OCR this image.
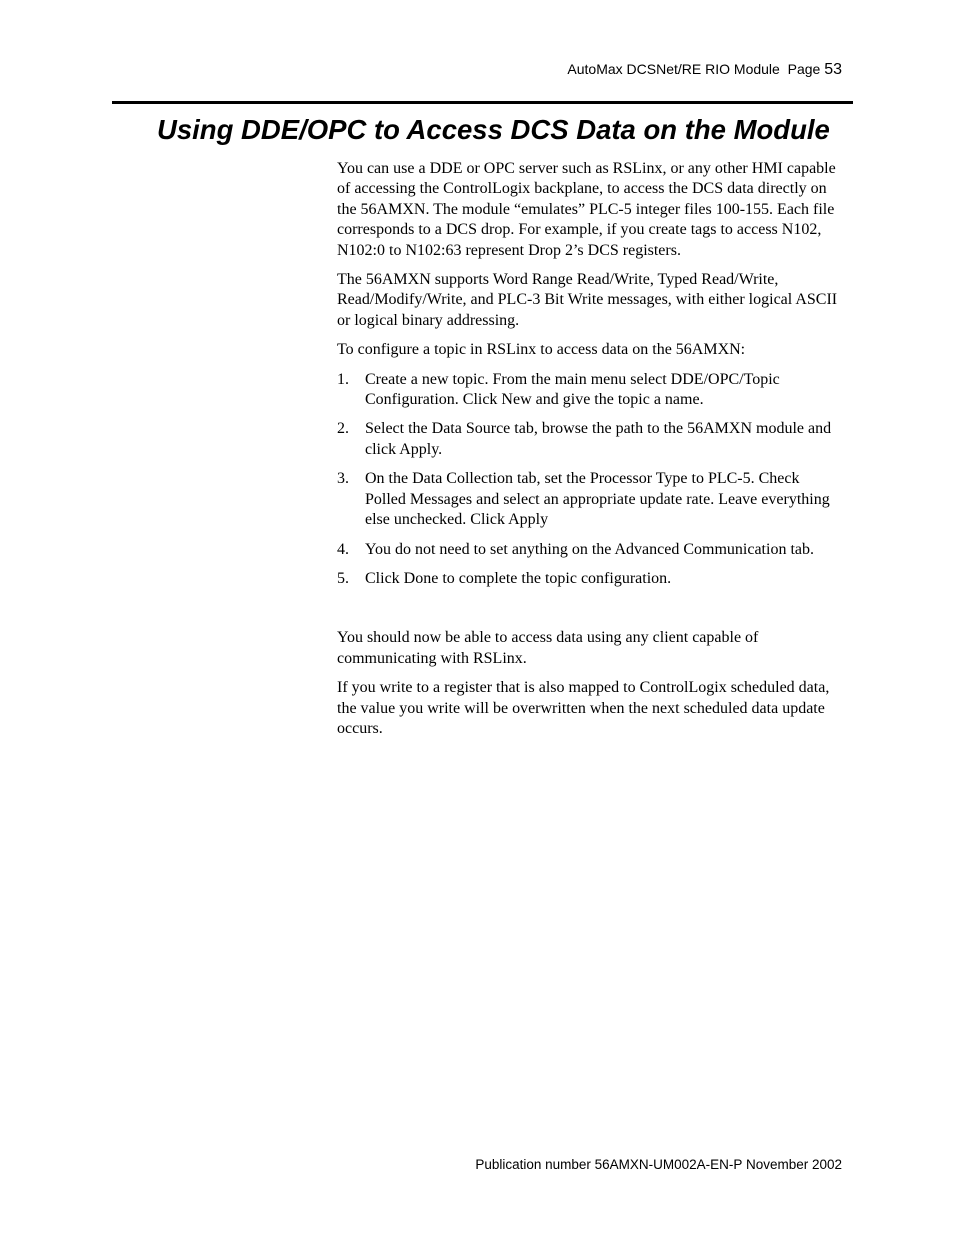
AutoMax DCSNet/RE RIO Module  Page 53
Using DDE/OPC to Access DCS Data on the Module

You can use a DDE or OPC server such as RSLinx, or any other HMI capable of accessing the ControlLogix backplane, to access the DCS data directly on the 56AMXN. The module “emulates” PLC-5 integer files 100-155. Each file corresponds to a DCS drop. For example, if you create tags to access N102, N102:0 to N102:63 represent Drop 2’s DCS registers.

The 56AMXN supports Word Range Read/Write, Typed Read/Write, Read/Modify/Write, and PLC-3 Bit Write messages, with either logical ASCII or logical binary addressing.

To configure a topic in RSLinx to access data on the 56AMXN:

1. Create a new topic. From the main menu select DDE/OPC/Topic Configuration. Click New and give the topic a name.
2. Select the Data Source tab, browse the path to the 56AMXN module and click Apply.
3. On the Data Collection tab, set the Processor Type to PLC-5. Check Polled Messages and select an appropriate update rate. Leave everything else unchecked. Click Apply
4. You do not need to set anything on the Advanced Communication tab.
5. Click Done to complete the topic configuration.

You should now be able to access data using any client capable of communicating with RSLinx.

If you write to a register that is also mapped to ControlLogix scheduled data, the value you write will be overwritten when the next scheduled data update occurs.

Publication number 56AMXN-UM002A-EN-P November 2002
